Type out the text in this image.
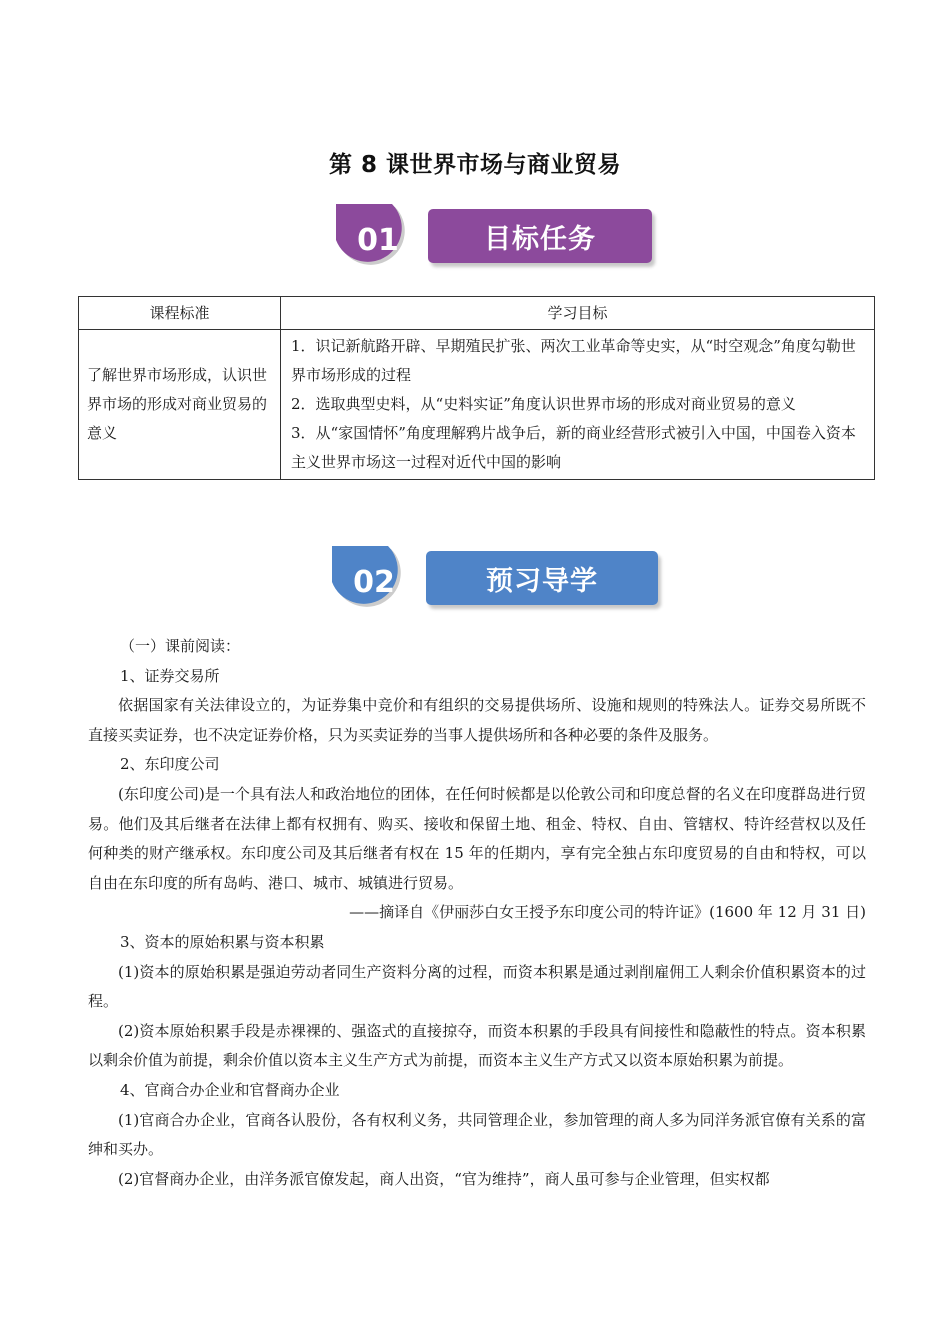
第 8 课世界市场与商业贸易
01	目标任务
课程标准	学习目标
了解世界市场形成，认识世界市场的形成对商业贸易的意义	1．识记新航路开辟、早期殖民扩张、两次工业革命等史实，从“时空观念”角度勾勒世界市场形成的过程
2．选取典型史料，从“史料实证”角度认识世界市场的形成对商业贸易的意义
3．从“家国情怀”角度理解鸦片战争后，新的商业经营形式被引入中国，中国卷入资本主义世界市场这一过程对近代中国的影响
02	预习导学

（一）课前阅读：

1、证券交易所

依据国家有关法律设立的，为证券集中竞价和有组织的交易提供场所、设施和规则的特殊法人。证券交易所既不直接买卖证券，也不决定证券价格，只为买卖证券的当事人提供场所和各种必要的条件及服务。

2、东印度公司

(东印度公司)是一个具有法人和政治地位的团体，在任何时候都是以伦敦公司和印度总督的名义在印度群岛进行贸易。他们及其后继者在法律上都有权拥有、购买、接收和保留土地、租金、特权、自由、管辖权、特许经营权以及任何种类的财产继承权。东印度公司及其后继者有权在 15 年的任期内，享有完全独占东印度贸易的自由和特权，可以自由在东印度的所有岛屿、港口、城市、城镇进行贸易。

——摘译自《伊丽莎白女王授予东印度公司的特许证》(1600 年 12 月 31 日)

3、资本的原始积累与资本积累

(1)资本的原始积累是强迫劳动者同生产资料分离的过程，而资本积累是通过剥削雇佣工人剩余价值积累资本的过程。

(2)资本原始积累手段是赤裸裸的、强盗式的直接掠夺，而资本积累的手段具有间接性和隐蔽性的特点。资本积累以剩余价值为前提，剩余价值以资本主义生产方式为前提，而资本主义生产方式又以资本原始积累为前提。

4、官商合办企业和官督商办企业

(1)官商合办企业，官商各认股份，各有权利义务，共同管理企业，参加管理的商人多为同洋务派官僚有关系的富绅和买办。

(2)官督商办企业，由洋务派官僚发起，商人出资，“官为维持”，商人虽可参与企业管理，但实权都
